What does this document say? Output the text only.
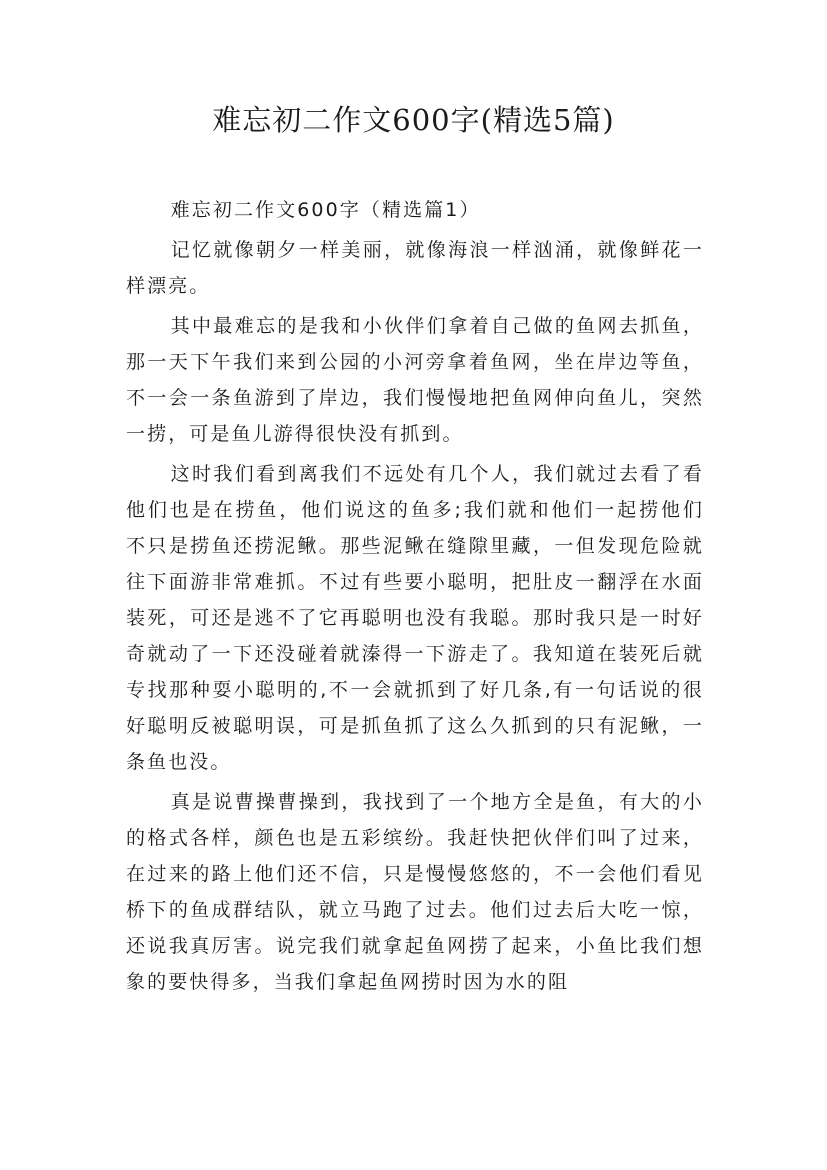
难忘初二作文600字(精选5篇)

难忘初二作文600字（精选篇1）

记忆就像朝夕一样美丽，就像海浪一样汹涌，就像鲜花一样漂亮。

其中最难忘的是我和小伙伴们拿着自己做的鱼网去抓鱼，那一天下午我们来到公园的小河旁拿着鱼网，坐在岸边等鱼，不一会一条鱼游到了岸边，我们慢慢地把鱼网伸向鱼儿，突然一捞，可是鱼儿游得很快没有抓到。

这时我们看到离我们不远处有几个人，我们就过去看了看他们也是在捞鱼，他们说这的鱼多;我们就和他们一起捞他们不只是捞鱼还捞泥鳅。那些泥鳅在缝隙里藏，一但发现危险就往下面游非常难抓。不过有些要小聪明，把肚皮一翻浮在水面装死，可还是逃不了它再聪明也没有我聪。那时我只是一时好奇就动了一下还没碰着就溱得一下游走了。我知道在装死后就专找那种耍小聪明的,不一会就抓到了好几条,有一句话说的很好聪明反被聪明误，可是抓鱼抓了这么久抓到的只有泥鳅，一条鱼也没。

真是说曹操曹操到，我找到了一个地方全是鱼，有大的小的格式各样，颜色也是五彩缤纷。我赶快把伙伴们叫了过来，在过来的路上他们还不信，只是慢慢悠悠的，不一会他们看见桥下的鱼成群结队，就立马跑了过去。他们过去后大吃一惊，还说我真厉害。说完我们就拿起鱼网捞了起来，小鱼比我们想象的要快得多，当我们拿起鱼网捞时因为水的阻
